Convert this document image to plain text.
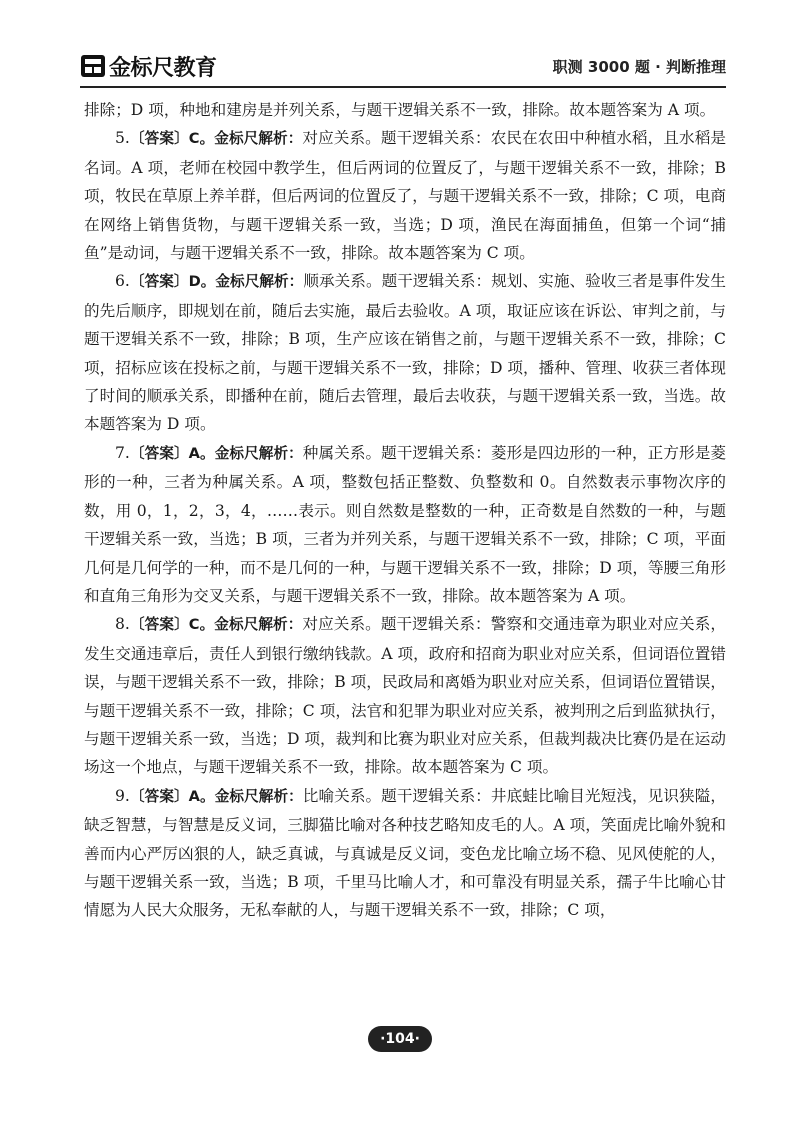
金标尺教育	职测 3000 题 · 判断推理

排除；D 项，种地和建房是并列关系，与题干逻辑关系不一致，排除。故本题答案为 A 项。

5.〔答案〕C。金标尺解析：对应关系。题干逻辑关系：农民在农田中种植水稻，且水稻是名词。A 项，老师在校园中教学生，但后两词的位置反了，与题干逻辑关系不一致，排除；B 项，牧民在草原上养羊群，但后两词的位置反了，与题干逻辑关系不一致，排除；C 项，电商在网络上销售货物，与题干逻辑关系一致，当选；D 项，渔民在海面捕鱼，但第一个词“捕鱼”是动词，与题干逻辑关系不一致，排除。故本题答案为 C 项。

6.〔答案〕D。金标尺解析：顺承关系。题干逻辑关系：规划、实施、验收三者是事件发生的先后顺序，即规划在前，随后去实施，最后去验收。A 项，取证应该在诉讼、审判之前，与题干逻辑关系不一致，排除；B 项，生产应该在销售之前，与题干逻辑关系不一致，排除；C 项，招标应该在投标之前，与题干逻辑关系不一致，排除；D 项，播种、管理、收获三者体现了时间的顺承关系，即播种在前，随后去管理，最后去收获，与题干逻辑关系一致，当选。故本题答案为 D 项。

7.〔答案〕A。金标尺解析：种属关系。题干逻辑关系：菱形是四边形的一种，正方形是菱形的一种，三者为种属关系。A 项，整数包括正整数、负整数和 0。自然数表示事物次序的数，用 0，1，2，3，4，……表示。则自然数是整数的一种，正奇数是自然数的一种，与题干逻辑关系一致，当选；B 项，三者为并列关系，与题干逻辑关系不一致，排除；C 项，平面几何是几何学的一种，而不是几何的一种，与题干逻辑关系不一致，排除；D 项，等腰三角形和直角三角形为交叉关系，与题干逻辑关系不一致，排除。故本题答案为 A 项。

8.〔答案〕C。金标尺解析：对应关系。题干逻辑关系：警察和交通违章为职业对应关系，发生交通违章后，责任人到银行缴纳钱款。A 项，政府和招商为职业对应关系，但词语位置错误，与题干逻辑关系不一致，排除；B 项，民政局和离婚为职业对应关系，但词语位置错误，与题干逻辑关系不一致，排除；C 项，法官和犯罪为职业对应关系，被判刑之后到监狱执行，与题干逻辑关系一致，当选；D 项，裁判和比赛为职业对应关系，但裁判裁决比赛仍是在运动场这一个地点，与题干逻辑关系不一致，排除。故本题答案为 C 项。

9.〔答案〕A。金标尺解析：比喻关系。题干逻辑关系：井底蛙比喻目光短浅，见识狭隘，缺乏智慧，与智慧是反义词，三脚猫比喻对各种技艺略知皮毛的人。A 项，笑面虎比喻外貌和善而内心严厉凶狠的人，缺乏真诚，与真诚是反义词，变色龙比喻立场不稳、见风使舵的人，与题干逻辑关系一致，当选；B 项，千里马比喻人才，和可靠没有明显关系，孺子牛比喻心甘情愿为人民大众服务，无私奉献的人，与题干逻辑关系不一致，排除；C 项，

·104·
